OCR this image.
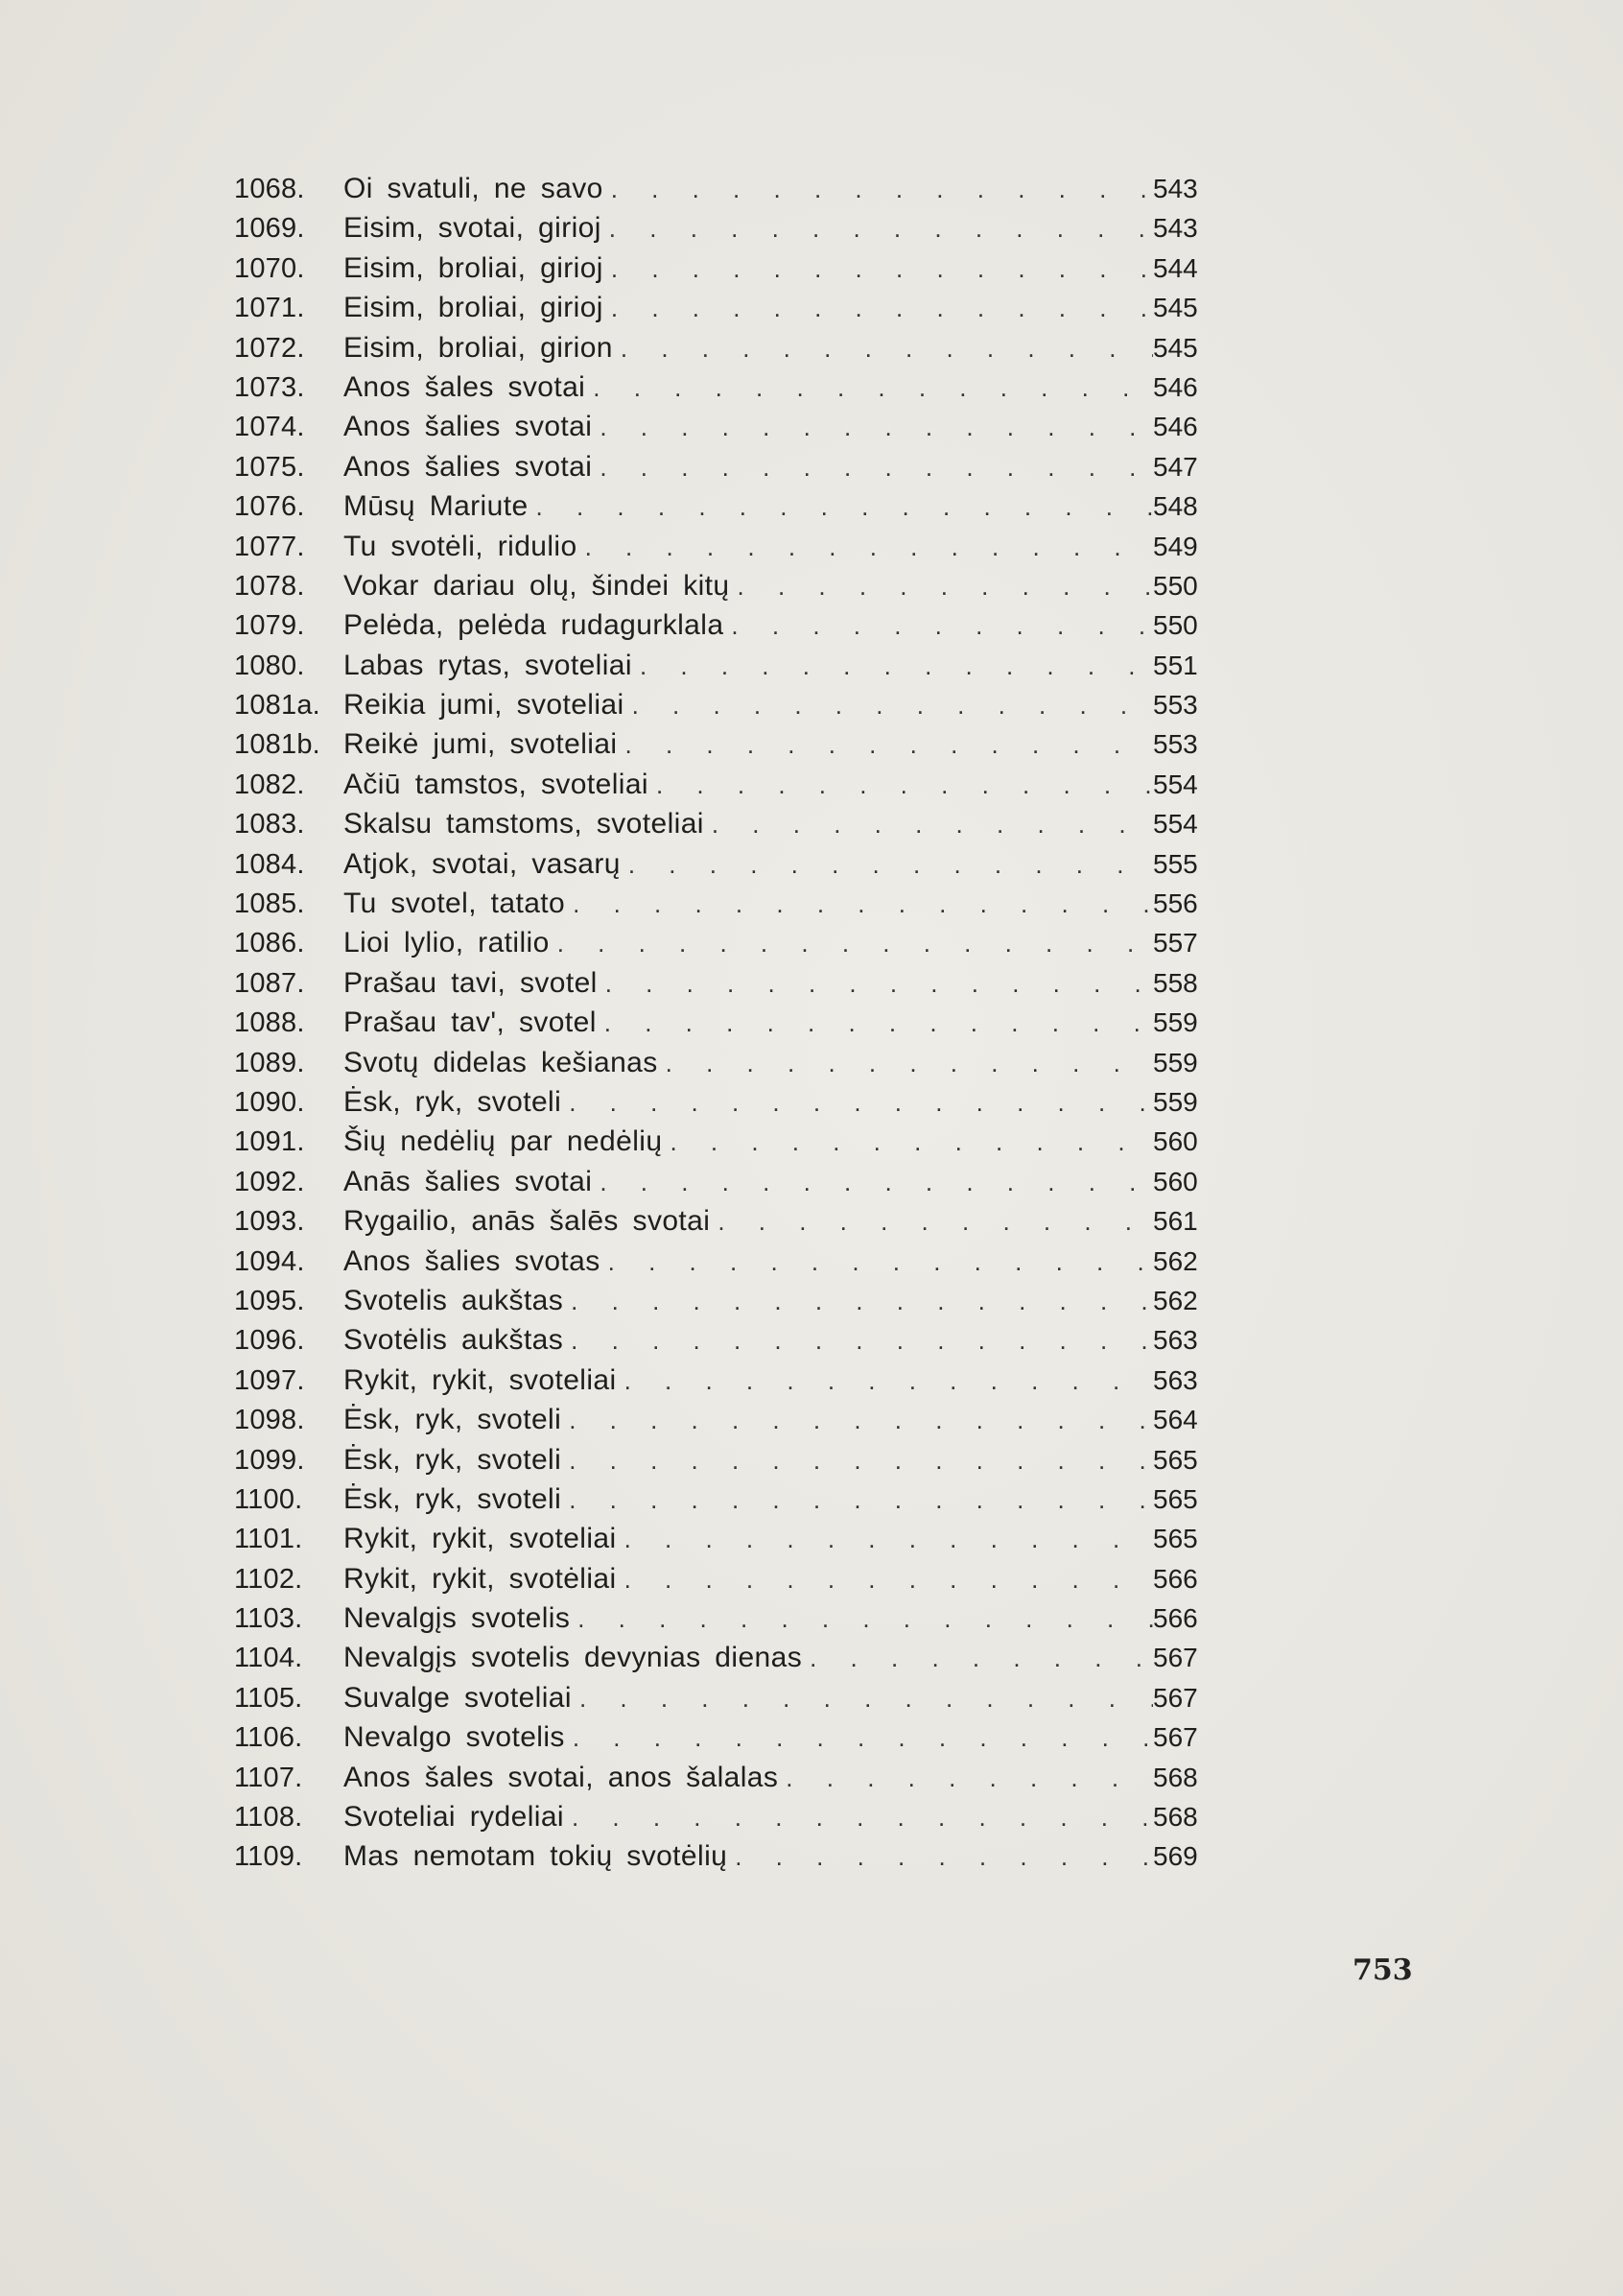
1068.	Oi svatuli, ne savo . . .	543
1069.	Eisim, svotai, girioj . . .	543
1070.	Eisim, broliai, girioj . . .	544
1071.	Eisim, broliai, girioj . . .	545
1072.	Eisim, broliai, girion . . .	545
1073.	Anos šales svotai . . .	546
1074.	Anos šalies svotai . . .	546
1075.	Anos šalies svotai . . .	547
1076.	Mūsų Mariute . . .	548
1077.	Tu svotėli, ridulio . . .	549
1078.	Vokar dariau olų, šindei kitų . . .	550
1079.	Pelėda, pelėda rudagurklala . . .	550
1080.	Labas rytas, svoteliai . . .	551
1081a. Reikia jumi, svoteliai . . .	553
1081b. Reikė jumi, svoteliai . . .	553
1082.	Ačiū tamstos, svoteliai . . .	554
1083.	Skalsu tamstoms, svoteliai . . .	554
1084.	Atjok, svotai, vasarų . . .	555
1085.	Tu svotel, tatato . . .	556
1086.	Lioi lylio, ratilio . . .	557
1087.	Prašau tavi, svotel . . .	558
1088.	Prašau tav', svotel . . .	559
1089.	Svotų didelas kešianas . . .	559
1090.	Ėsk, ryk, svoteli . . .	559
1091.	Šių nedėlių par nedėlių . . .	560
1092.	Anās šalies svotai . . .	560
1093.	Rygailio, anās šalēs svotai . . .	561
1094.	Anos šalies svotas . . .	562
1095.	Svotelis aukštas . . .	562
1096.	Svotėlis aukštas . . .	563
1097.	Rykit, rykit, svoteliai . . .	563
1098.	Ėsk, ryk, svoteli . . .	564
1099.	Ėsk, ryk, svoteli . . .	565
1100.	Ėsk, ryk, svoteli . . .	565
1101.	Rykit, rykit, svoteliai . . .	565
1102.	Rykit, rykit, svotėliai . . .	566
1103.	Nevalgįs svotelis . . .	566
1104.	Nevalgįs svotelis devynias dienas . . .	567
1105.	Suvalge svoteliai . . .	567
1106.	Nevalgo svotelis . . .	567
1107.	Anos šales svotai, anos šalalas . . .	568
1108.	Svoteliai rydeliai . . .	568
1109.	Mas nemotam tokių svotėlių . . .	569
753
